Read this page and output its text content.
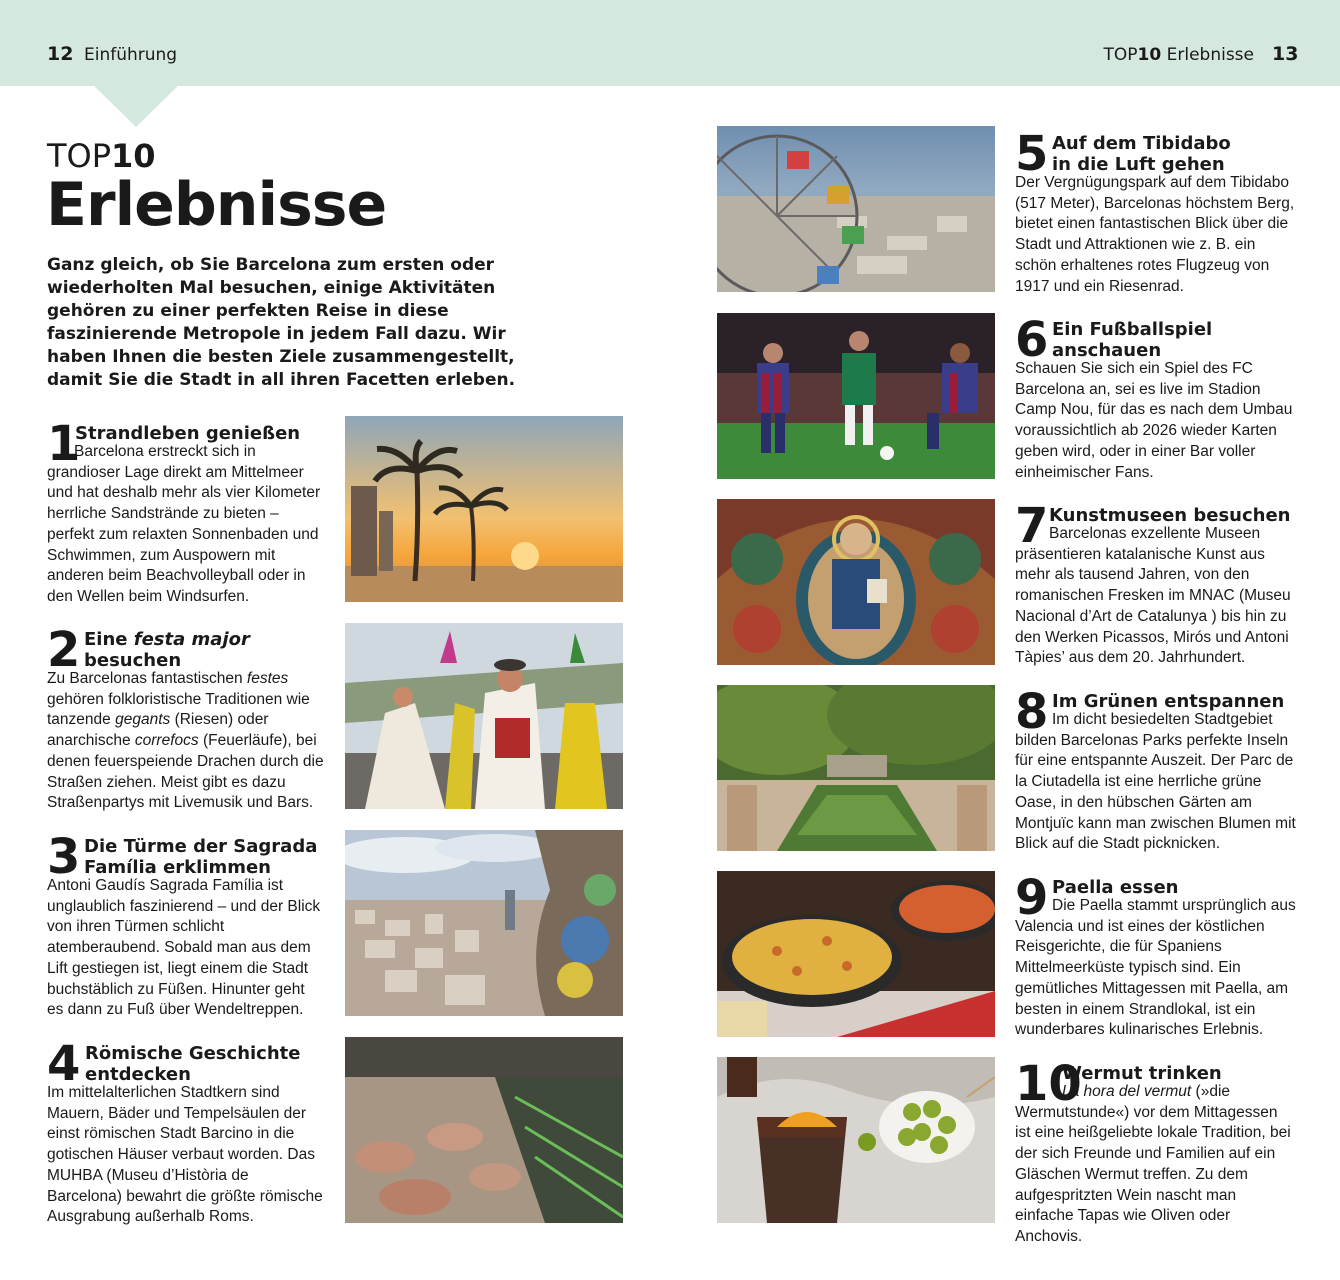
12 Einführung	TOP10 Erlebnisse 13
TOP10
Erlebnisse
Ganz gleich, ob Sie Barcelona zum ersten oder wiederholten Mal besuchen, einige Aktivitäten gehören zu einer perfekten Reise in diese faszinierende Metropole in jedem Fall dazu. Wir haben Ihnen die besten Ziele zusammengestellt, damit Sie die Stadt in all ihren Facetten erleben.
1
Strandleben genießen
Barcelona erstreckt sich in grandioser Lage direkt am Mittelmeer und hat deshalb mehr als vier Kilometer herrliche Sandstrände zu bieten – perfekt zum relaxten Sonnenbaden und Schwimmen, zum Auspowern mit anderen beim Beachvolleyball oder in den Wellen beim Windsurfen.
2 Eine festa major
besuchen
Zu Barcelonas fantastischen festes gehören folkloristische Traditionen wie tanzende gegants (Riesen) oder anarchische correfocs (Feuerläufe), bei denen feuerspeiende Drachen durch die Straßen ziehen. Meist gibt es dazu Straßenpartys mit Livemusik und Bars.
3 Die Türme der Sagrada Família erklimmen
Antoni Gaudís Sagrada Família ist unglaublich faszinierend – und der Blick von ihren Türmen schlicht atemberaubend. Sobald man aus dem Lift gestiegen ist, liegt einem die Stadt buchstäblich zu Füßen. Hinunter geht es dann zu Fuß über Wendeltreppen.
4 Römische Geschichte entdecken
Im mittelalterlichen Stadtkern sind Mauern, Bäder und Tempelsäulen der einst römischen Stadt Barcino in die gotischen Häuser verbaut worden. Das MUHBA (Museu d’Història de Barcelona) bewahrt die größte römische Ausgrabung außerhalb Roms.
5 Auf dem Tibidabo in die Luft gehen
Der Vergnügungspark auf dem Tibidabo (517 Meter), Barcelonas höchstem Berg, bietet einen fantastischen Blick über die Stadt und Attraktionen wie z. B. ein schön erhaltenes rotes Flugzeug von 1917 und ein Riesenrad.
6 Ein Fußballspiel anschauen
Schauen Sie sich ein Spiel des FC Barcelona an, sei es live im Stadion Camp Nou, für das es nach dem Umbau voraussichtlich ab 2026 wieder Karten geben wird, oder in einer Bar voller einheimischer Fans.
7 Kunstmuseen besuchen
Barcelonas exzellente Museen präsentieren katalanische Kunst aus mehr als tausend Jahren, von den romanischen Fresken im MNAC (Museu Nacional d’Art de Catalunya ) bis hin zu den Werken Picassos, Mirós und Antoni Tàpies’ aus dem 20. Jahrhundert.
8 Im Grünen entspannen
Im dicht besiedelten Stadtgebiet bilden Barcelonas Parks perfekte Inseln für eine entspannte Auszeit. Der Parc de la Ciutadella ist eine herrliche grüne Oase, in den hübschen Gärten am Montjuïc kann man zwischen Blumen mit Blick auf die Stadt picknicken.
9 Paella essen
Die Paella stammt ursprünglich aus Valencia und ist eines der köstlichen Reisgerichte, die für Spaniens Mittelmeerküste typisch sind. Ein gemütliches Mittagessen mit Paella, am besten in einem Strandlokal, ist ein wunderbares kulinarisches Erlebnis.
10
Wermut trinken
La hora del vermut (»die Wermutstunde«) vor dem Mittagessen ist eine heißgeliebte lokale Tradition, bei der sich Freunde und Familien auf ein Gläschen Wermut treffen. Zu dem aufgespritzten Wein nascht man einfache Tapas wie Oliven oder Anchovis.
